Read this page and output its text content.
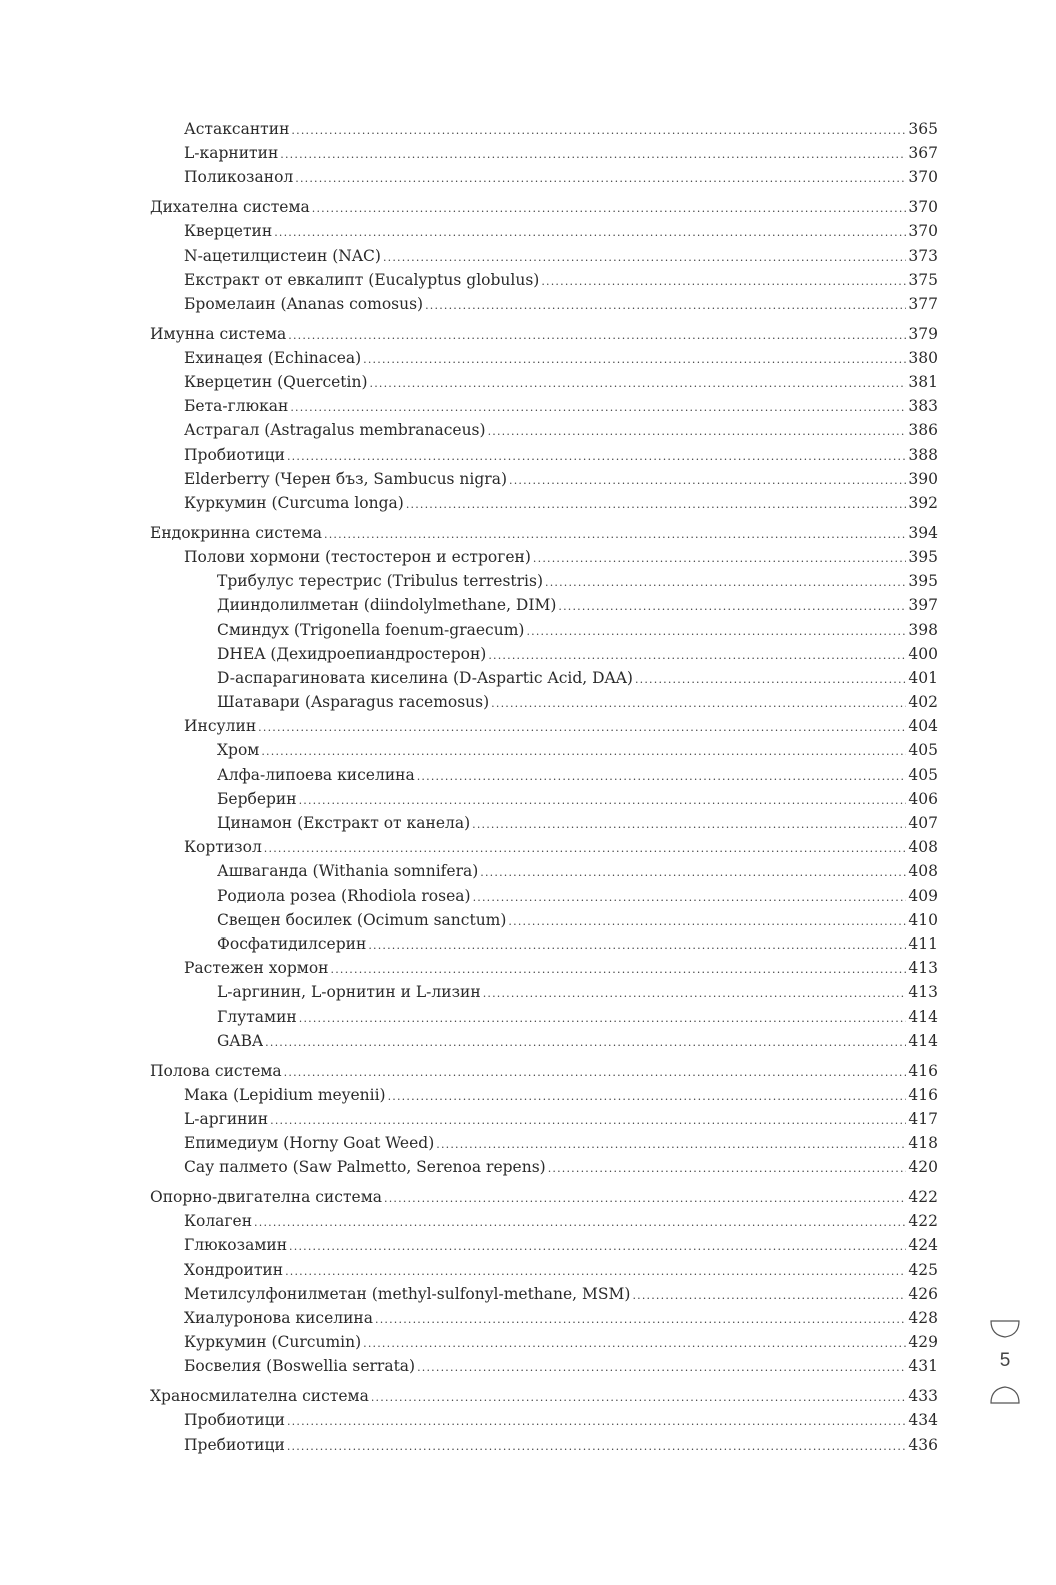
Астаксантин .....	365
L-карнитин .....	367
Поликозанол .....	370
Дихателна система .....	370
Кверцетин .....	370
N-ацетилцистеин (NAC) .....	373
Екстракт от евкалипт (Eucalyptus globulus) .....	375
Бромелаин (Ananas comosus) .....	377
Имунна система .....	379
Ехинацея (Echinacea) .....	380
Кверцетин (Quercetin) .....	381
Бета-глюкан .....	383
Астрагал (Astragalus membranaceus) .....	386
Пробиотици .....	388
Elderberry (Черен бъз, Sambucus nigra) .....	390
Куркумин (Curcuma longa) .....	392
Ендокринна система .....	394
Полови хормони (тестостерон и естроген) .....	395
Трибулус терестрис (Tribulus terrestris) .....	395
Дииндолилметан (diindolylmethane, DIM) .....	397
Сминдух (Trigonella foenum-graecum) .....	398
DHEA (Дехидроепиандростерон) .....	400
D-аспарагиновата киселина (D-Aspartic Acid, DAA) .....	401
Шатавари (Asparagus racemosus) .....	402
Инсулин .....	404
Хром .....	405
Алфа-липоева киселина .....	405
Берберин .....	406
Цинамон (Екстракт от канела) .....	407
Кортизол .....	408
Ашваганда (Withania somnifera) .....	408
Родиола розеа (Rhodiola rosea) .....	409
Свещен босилек (Ocimum sanctum) .....	410
Фосфатидилсерин .....	411
Растежен хормон .....	413
L-аргинин, L-орнитин и L-лизин .....	413
Глутамин .....	414
GABA .....	414
Полова система .....	416
Мака (Lepidium meyenii) .....	416
L-аргинин .....	417
Епимедиум (Horny Goat Weed) .....	418
Сау палмето (Saw Palmetto, Serenoa repens) .....	420
Опорно-двигателна система .....	422
Колаген .....	422
Глюкозамин .....	424
Хондроитин .....	425
Метилсулфонилметан (methyl-sulfonyl-methane, MSM) .....	426
Хиалуронова киселина .....	428
Куркумин (Curcumin) .....	429
Босвелия (Boswellia serrata) .....	431
Храносмилателна система .....	433
Пробиотици .....	434
Пребиотици .....	436
5
